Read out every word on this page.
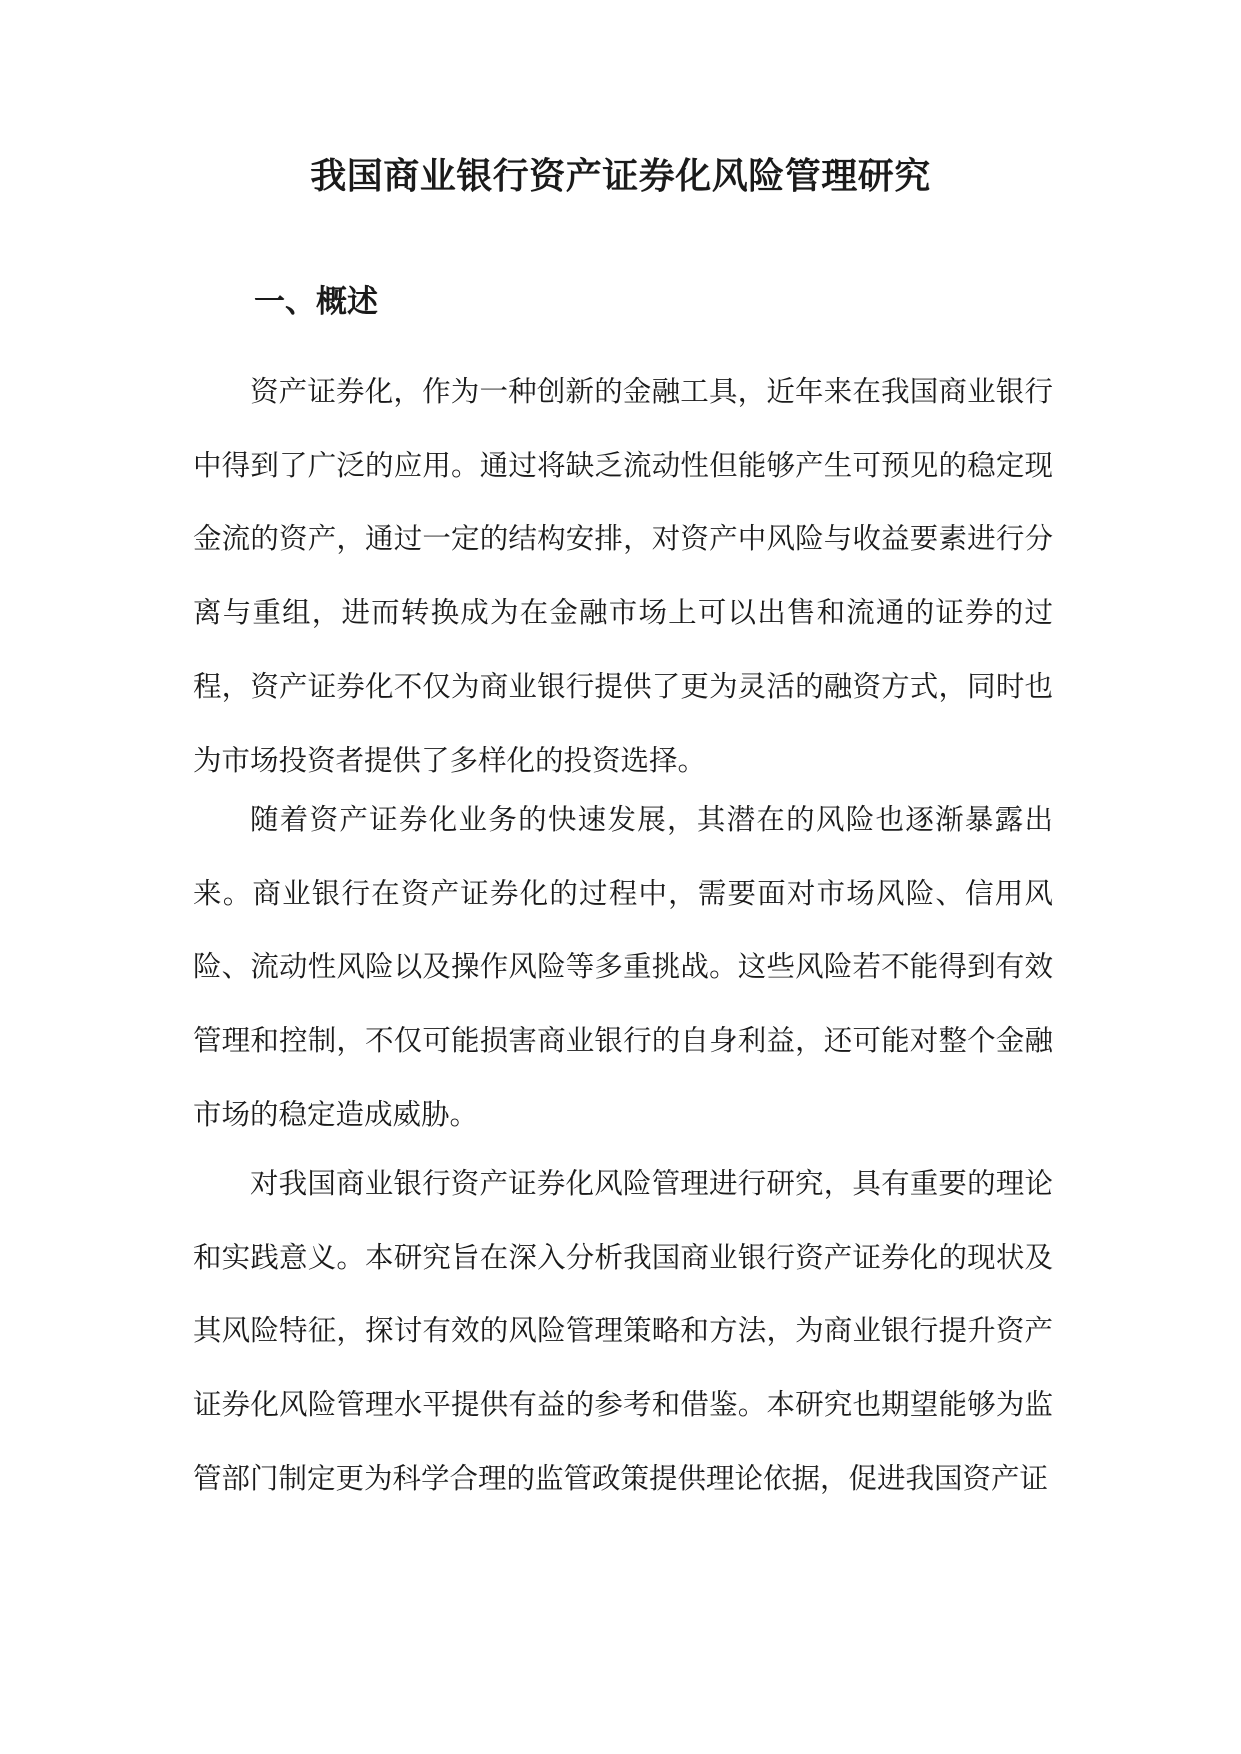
我国商业银行资产证券化风险管理研究
一、概述

资产证券化，作为一种创新的金融工具，近年来在我国商业银行中得到了广泛的应用。通过将缺乏流动性但能够产生可预见的稳定现金流的资产，通过一定的结构安排，对资产中风险与收益要素进行分离与重组，进而转换成为在金融市场上可以出售和流通的证券的过程，资产证券化不仅为商业银行提供了更为灵活的融资方式，同时也为市场投资者提供了多样化的投资选择。

随着资产证券化业务的快速发展，其潜在的风险也逐渐暴露出来。商业银行在资产证券化的过程中，需要面对市场风险、信用风险、流动性风险以及操作风险等多重挑战。这些风险若不能得到有效管理和控制，不仅可能损害商业银行的自身利益，还可能对整个金融市场的稳定造成威胁。

对我国商业银行资产证券化风险管理进行研究，具有重要的理论和实践意义。本研究旨在深入分析我国商业银行资产证券化的现状及其风险特征，探讨有效的风险管理策略和方法，为商业银行提升资产证券化风险管理水平提供有益的参考和借鉴。本研究也期望能够为监管部门制定更为科学合理的监管政策提供理论依据，促进我国资产证
